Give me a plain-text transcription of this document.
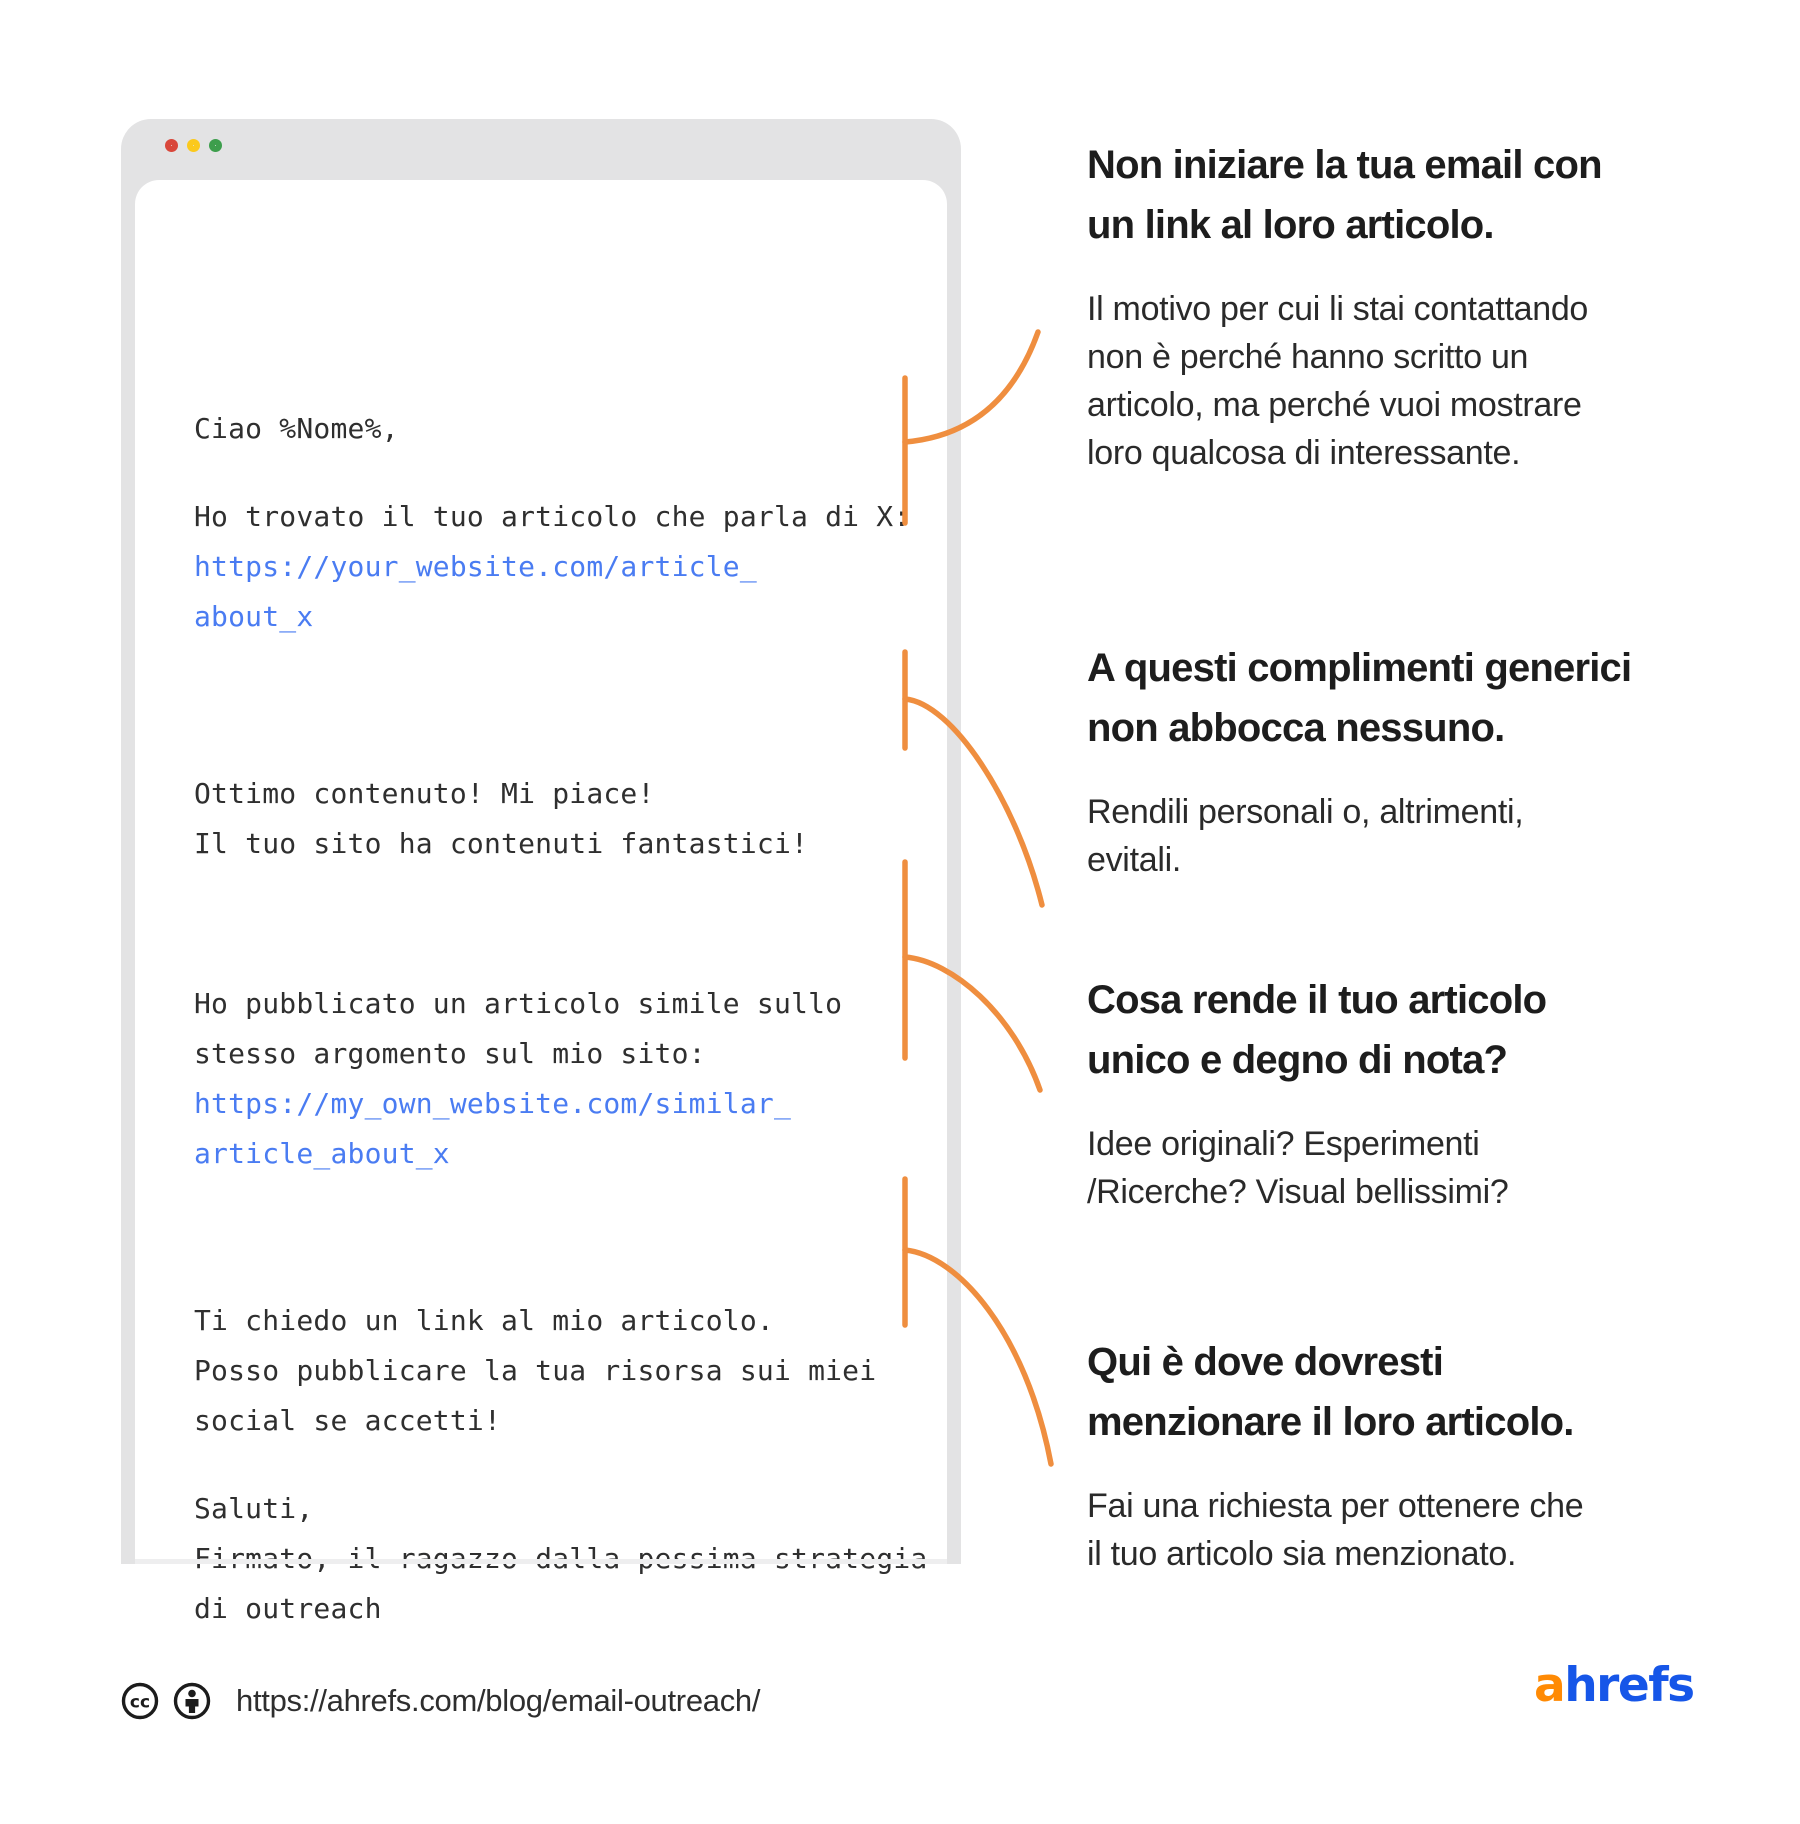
Ciao %Nome%,
Ho trovato il tuo articolo che parla di X:
https://your_website.com/article_
about_x
Ottimo contenuto! Mi piace!
Il tuo sito ha contenuti fantastici!
Ho pubblicato un articolo simile sullo
stesso argomento sul mio sito:
https://my_own_website.com/similar_
article_about_x
Ti chiedo un link al mio articolo.
Posso pubblicare la tua risorsa sui miei
social se accetti!
Saluti,
di outreach
Non iniziare la tua email con
un link al loro articolo.
Il motivo per cui li stai contattando
non è perché hanno scritto un
articolo, ma perché vuoi mostrare
loro qualcosa di interessante.
A questi complimenti generici
non abbocca nessuno.
Rendili personali o, altrimenti,
evitali.
Cosa rende il tuo articolo
unico e degno di nota?
Idee originali? Esperimenti
/Ricerche? Visual bellissimi?
Qui è dove dovresti
menzionare il loro articolo.
Fai una richiesta per ottenere che
il tuo articolo sia menzionato.
cc	https://ahrefs.com/blog/email-outreach/	ahrefs
